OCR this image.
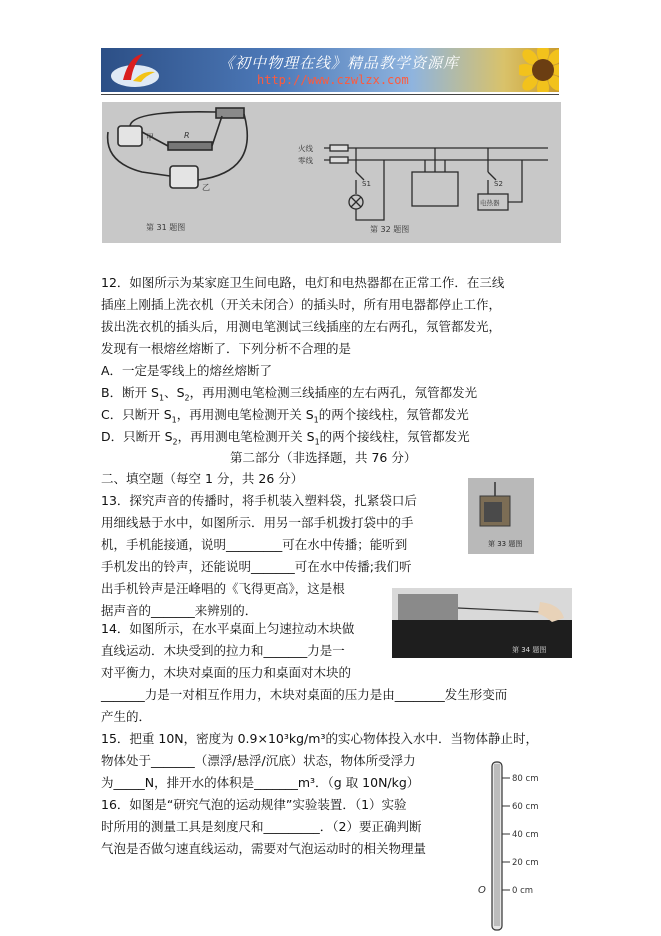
《初中物理在线》精品教学资源库
http://www.czwlzx.com
甲	R
乙
第 31 题图
火线
零线
S1	S2
电热器
第 32 题图
12．如图所示为某家庭卫生间电路，电灯和电热器都在正常工作．在三线
插座上刚插上洗衣机（开关未闭合）的插头时，所有用电器都停止工作，
拔出洗衣机的插头后，用测电笔测试三线插座的左右两孔，氖管都发光，
发现有一根熔丝熔断了．下列分析不合理的是
A．一定是零线上的熔丝熔断了
B．断开 $S_1$、$S_2$，再用测电笔检测三线插座的左右两孔，氖管都发光
C．只断开 $S_1$，再用测电笔检测开关 $S_1$的两个接线柱，氖管都发光
D．只断开 $S_2$，再用测电笔检测开关 $S_1$的两个接线柱，氖管都发光
第二部分（非选择题，共 76 分）
二、填空题（每空 1 分，共 26 分）
13．探究声音的传播时，将手机装入塑料袋，扎紧袋口后
用细线悬于水中，如图所示．用另一部手机拨打袋中的手
机，手机能接通，说明_________可在水中传播；能听到
手机发出的铃声，还能说明_______可在水中传播;我们听
出手机铃声是汪峰唱的《飞得更高》，这是根
据声音的_______来辨别的．
第 33 题图
第 34 题图
14．如图所示，在水平桌面上匀速拉动木块做
直线运动．木块受到的拉力和_______力是一
对平衡力，木块对桌面的压力和桌面对木块的
_______力是一对相互作用力，木块对桌面的压力是由________发生形变而
产生的．
15．把重 10N，密度为 0.9×10³kg/m³的实心物体投入水中．当物体静止时，
物体处于_______（漂浮/悬浮/沉底）状态，物体所受浮力
为_____N，排开水的体积是_______m³．（g 取 10N/kg）
16．如图是“研究气泡的运动规律”实验装置．（1）实验
时所用的测量工具是刻度尺和_________．（2）要正确判断
气泡是否做匀速直线运动，需要对气泡运动时的相关物理量
80 cm
60 cm
40 cm
20 cm
0 cm
O
